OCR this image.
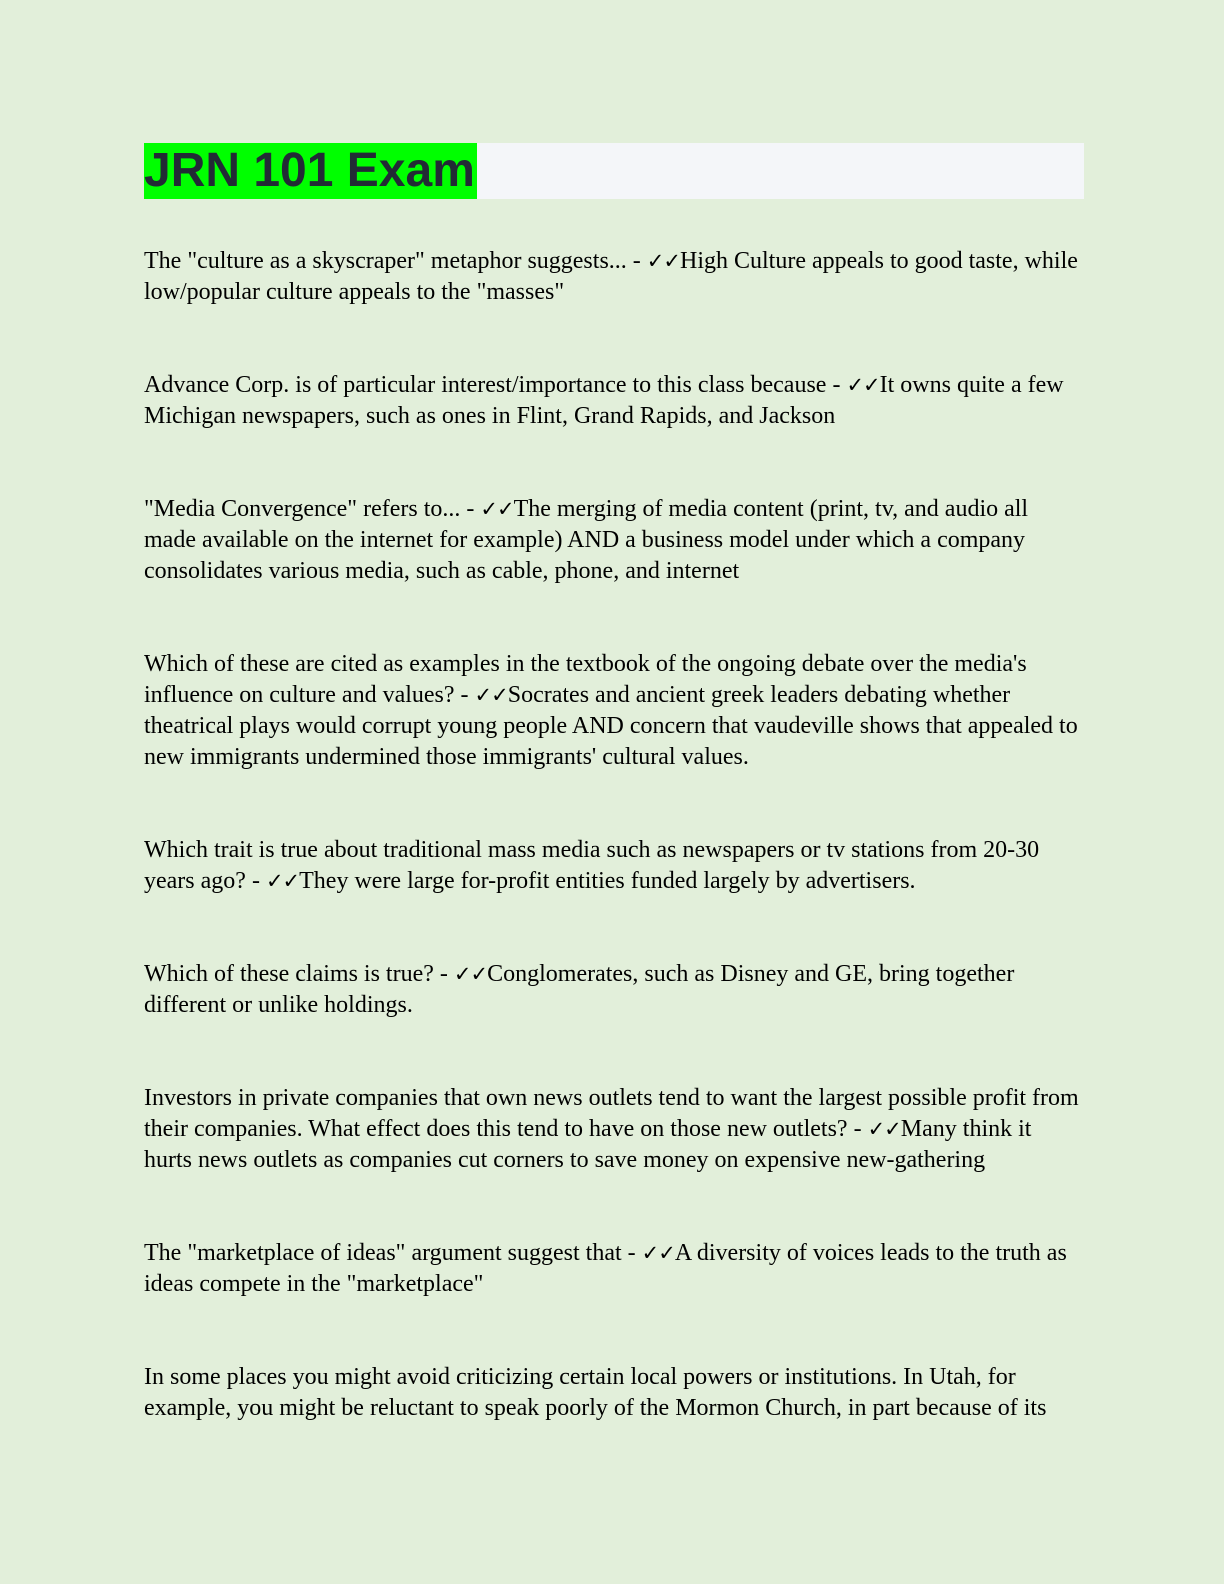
JRN 101 Exam

The "culture as a skyscraper" metaphor suggests... - ✓✓High Culture appeals to good taste, while low/popular culture appeals to the "masses"

Advance Corp. is of particular interest/importance to this class because - ✓✓It owns quite a few Michigan newspapers, such as ones in Flint, Grand Rapids, and Jackson

"Media Convergence" refers to... - ✓✓The merging of media content (print, tv, and audio all made available on the internet for example) AND a business model under which a company consolidates various media, such as cable, phone, and internet

Which of these are cited as examples in the textbook of the ongoing debate over the media's influence on culture and values? - ✓✓Socrates and ancient greek leaders debating whether theatrical plays would corrupt young people AND concern that vaudeville shows that appealed to new immigrants undermined those immigrants' cultural values.

Which trait is true about traditional mass media such as newspapers or tv stations from 20-30 years ago? - ✓✓They were large for-profit entities funded largely by advertisers.

Which of these claims is true? - ✓✓Conglomerates, such as Disney and GE, bring together different or unlike holdings.

Investors in private companies that own news outlets tend to want the largest possible profit from their companies. What effect does this tend to have on those new outlets? - ✓✓Many think it hurts news outlets as companies cut corners to save money on expensive new-gathering

The "marketplace of ideas" argument suggest that - ✓✓A diversity of voices leads to the truth as ideas compete in the "marketplace"

In some places you might avoid criticizing certain local powers or institutions. In Utah, for example, you might be reluctant to speak poorly of the Mormon Church, in part because of its
